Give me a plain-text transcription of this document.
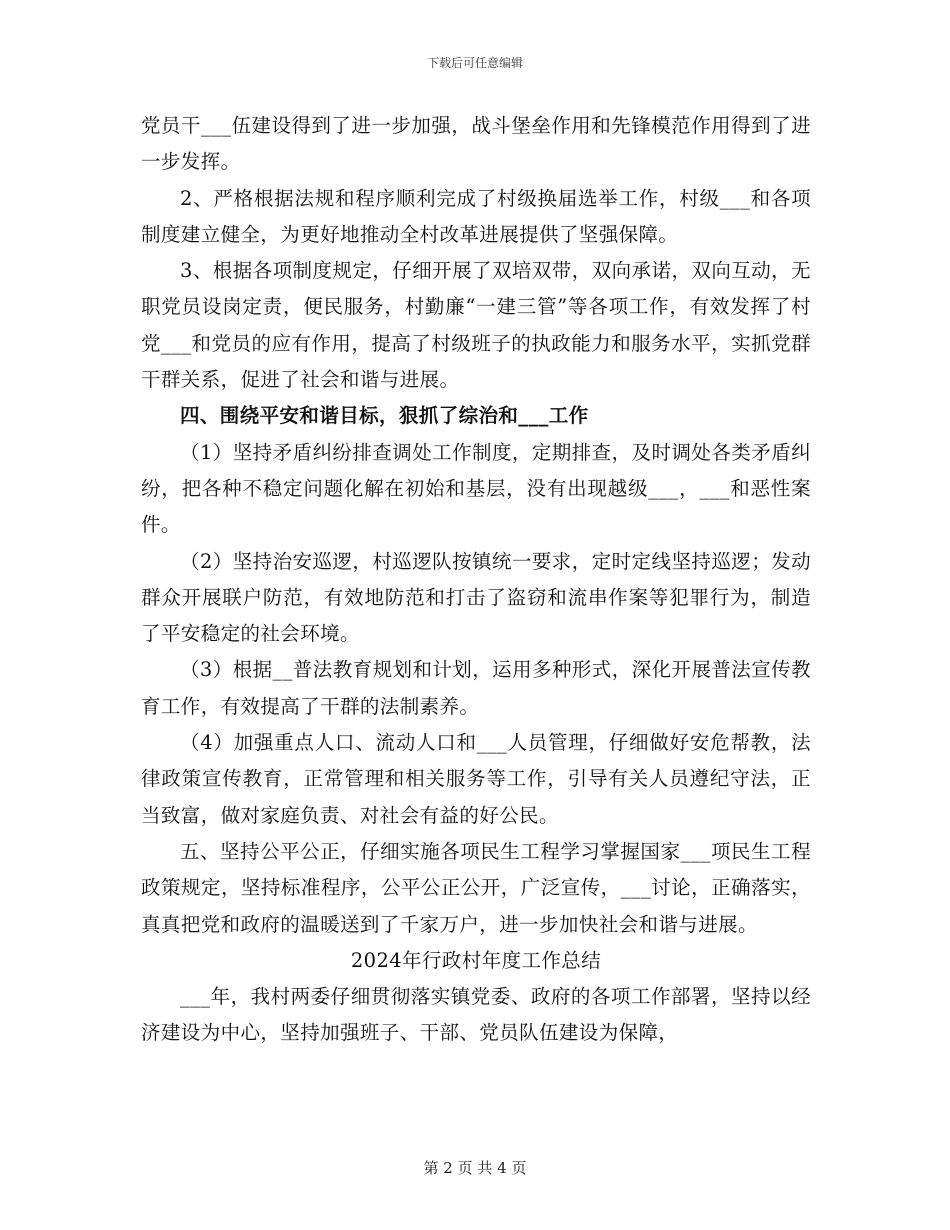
下载后可任意编辑

党员干___伍建设得到了进一步加强，战斗堡垒作用和先锋模范作用得到了进一步发挥。

2、严格根据法规和程序顺利完成了村级换届选举工作，村级___和各项制度建立健全，为更好地推动全村改革进展提供了坚强保障。

3、根据各项制度规定，仔细开展了双培双带，双向承诺，双向互动，无职党员设岗定责，便民服务，村勤廉“一建三管”等各项工作，有效发挥了村党___和党员的应有作用，提高了村级班子的执政能力和服务水平，实抓党群干群关系，促进了社会和谐与进展。

四、围绕平安和谐目标，狠抓了综治和___工作

（1）坚持矛盾纠纷排查调处工作制度，定期排查，及时调处各类矛盾纠纷，把各种不稳定问题化解在初始和基层，没有出现越级___，___和恶性案件。

（2）坚持治安巡逻，村巡逻队按镇统一要求，定时定线坚持巡逻；发动群众开展联户防范，有效地防范和打击了盗窃和流串作案等犯罪行为，制造了平安稳定的社会环境。

（3）根据__普法教育规划和计划，运用多种形式，深化开展普法宣传教育工作，有效提高了干群的法制素养。

（4）加强重点人口、流动人口和___人员管理，仔细做好安危帮教，法律政策宣传教育，正常管理和相关服务等工作，引导有关人员遵纪守法，正当致富，做对家庭负责、对社会有益的好公民。

五、坚持公平公正，仔细实施各项民生工程学习掌握国家___项民生工程政策规定，坚持标准程序，公平公正公开，广泛宣传，___讨论，正确落实，真真把党和政府的温暖送到了千家万户，进一步加快社会和谐与进展。

2024年行政村年度工作总结

___年，我村两委仔细贯彻落实镇党委、政府的各项工作部署，坚持以经济建设为中心，坚持加强班子、干部、党员队伍建设为保障，

第 2 页 共 4 页
